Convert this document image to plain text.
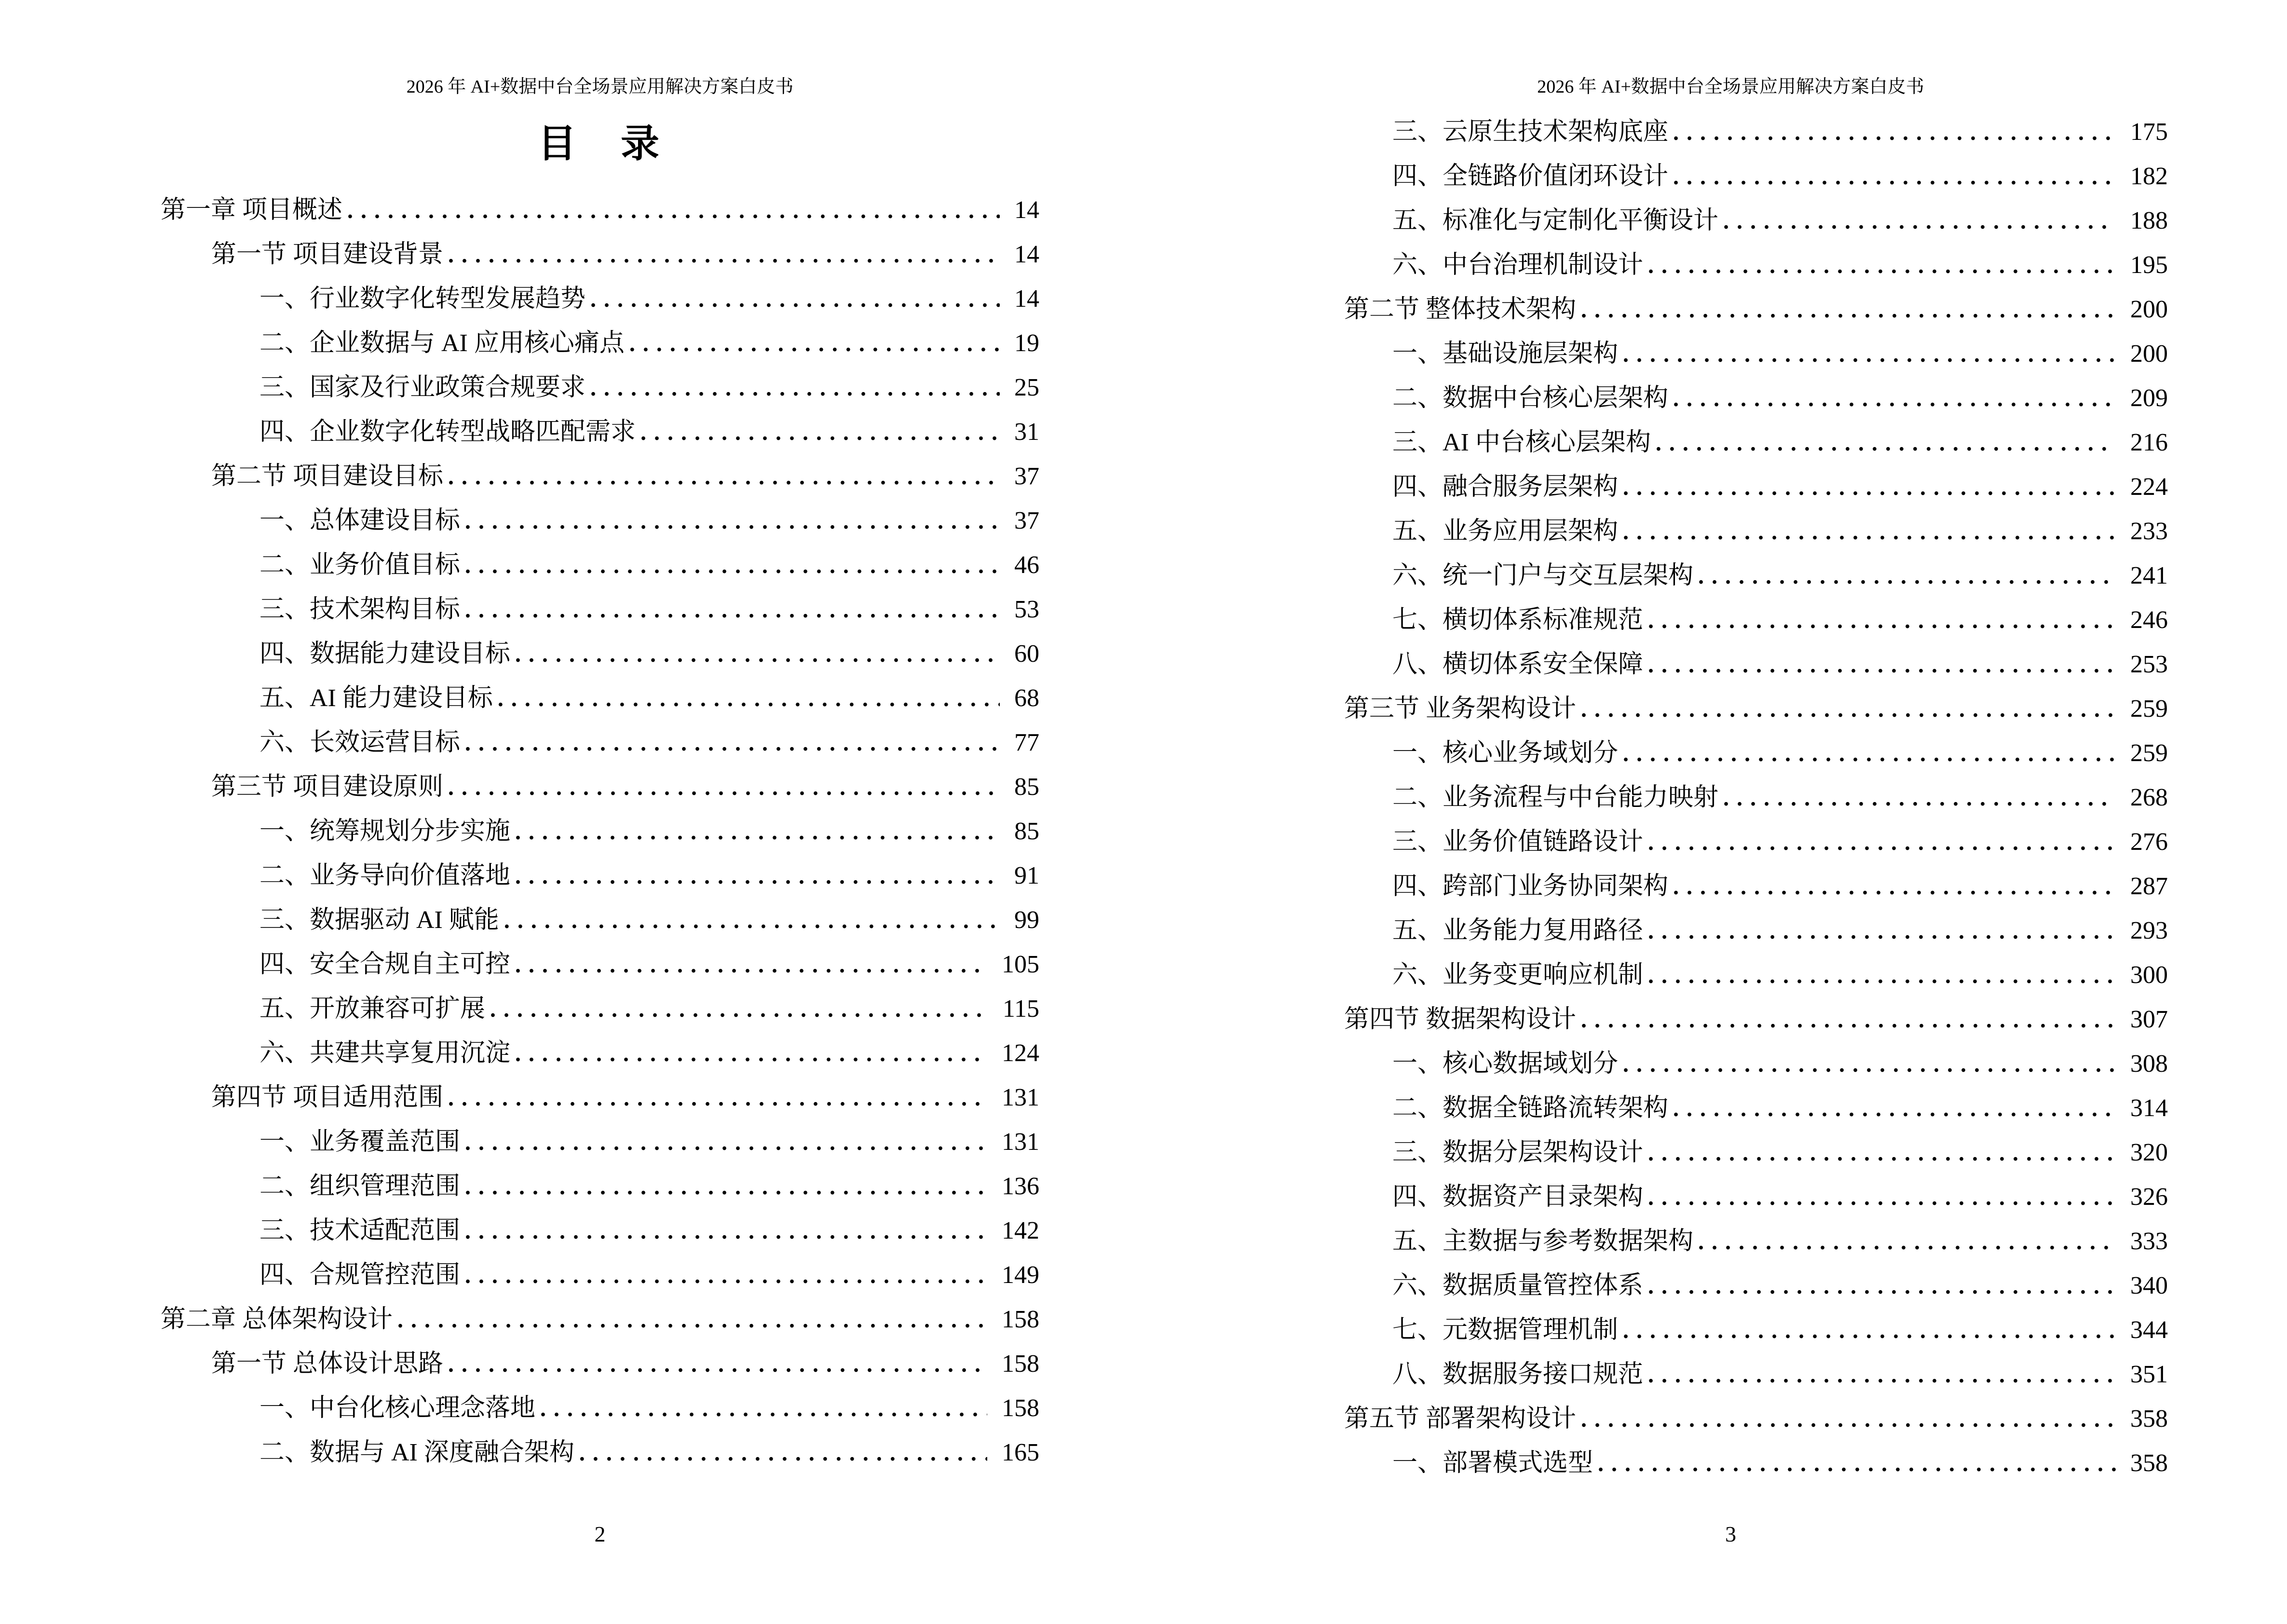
2026 年 AI+数据中台全场景应用解决方案白皮书
目　录
第一章 项目概述 .....	14
第一节 项目建设背景 .....	14
一、行业数字化转型发展趋势 .....	14
二、企业数据与 AI 应用核心痛点 .....	19
三、国家及行业政策合规要求 .....	25
四、企业数字化转型战略匹配需求 .....	31
第二节 项目建设目标 .....	37
一、总体建设目标 .....	37
二、业务价值目标 .....	46
三、技术架构目标 .....	53
四、数据能力建设目标 .....	60
五、AI 能力建设目标 .....	68
六、长效运营目标 .....	77
第三节 项目建设原则 .....	85
一、统筹规划分步实施 .....	85
二、业务导向价值落地 .....	91
三、数据驱动 AI 赋能 .....	99
四、安全合规自主可控 .....	105
五、开放兼容可扩展 .....	115
六、共建共享复用沉淀 .....	124
第四节 项目适用范围 .....	131
一、业务覆盖范围 .....	131
二、组织管理范围 .....	136
三、技术适配范围 .....	142
四、合规管控范围 .....	149
第二章 总体架构设计 .....	158
第一节 总体设计思路 .....	158
一、中台化核心理念落地 .....	158
二、数据与 AI 深度融合架构 .....	165
2
2026 年 AI+数据中台全场景应用解决方案白皮书
三、云原生技术架构底座 .....	175
四、全链路价值闭环设计 .....	182
五、标准化与定制化平衡设计 .....	188
六、中台治理机制设计 .....	195
第二节 整体技术架构 .....	200
一、基础设施层架构 .....	200
二、数据中台核心层架构 .....	209
三、AI 中台核心层架构 .....	216
四、融合服务层架构 .....	224
五、业务应用层架构 .....	233
六、统一门户与交互层架构 .....	241
七、横切体系标准规范 .....	246
八、横切体系安全保障 .....	253
第三节 业务架构设计 .....	259
一、核心业务域划分 .....	259
二、业务流程与中台能力映射 .....	268
三、业务价值链路设计 .....	276
四、跨部门业务协同架构 .....	287
五、业务能力复用路径 .....	293
六、业务变更响应机制 .....	300
第四节 数据架构设计 .....	307
一、核心数据域划分 .....	308
二、数据全链路流转架构 .....	314
三、数据分层架构设计 .....	320
四、数据资产目录架构 .....	326
五、主数据与参考数据架构 .....	333
六、数据质量管控体系 .....	340
七、元数据管理机制 .....	344
八、数据服务接口规范 .....	351
第五节 部署架构设计 .....	358
一、部署模式选型 .....	358
3
